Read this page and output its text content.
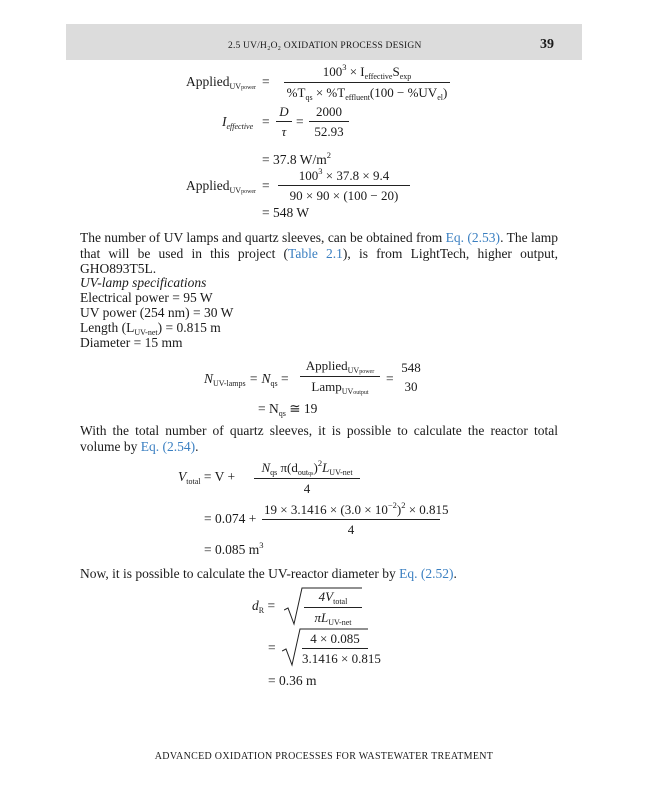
2.5 UV/H₂O₂ OXIDATION PROCESS DESIGN	39
Applied$_{UVpower}$ =
$100^3 \times I_{effective}S_{exp}$
$\%T_{qs} \times \%T_{effluent}(100 - \%UV_{el})$
$I_{effective} = \frac{D}{\tau} = \frac{2000}{52.93}$
= 37.8 $W/m^2$
Applied$_{UVpower}$ = $\frac{100^3 \times 37.8 \times 9.4}{90 \times 90 \times (100 - 20)}$
= 548 W
The number of UV lamps and quartz sleeves, can be obtained from Eq. (2.53). The lamp that will be used in this project (Table 2.1), is from LightTech, higher output, GHO893T5L.
UV-lamp specifications
Electrical power = 95 W
UV power (254 nm) = 30 W
Length $(L_{UV-net}) = 0.815$ m
Diameter = 15 mm
$N_{UV-lamps} = N_{qs}$ =
Applied$_{UVpower}$
Lamp$_{UVoutput}$
=
548
30
= $N_{qs}$ ≅ 19
With the total number of quartz sleeves, it is possible to calculate the reactor total volume by Eq. (2.54).
$V_{total} = V$ +
$N_{qs}$ $\pi(d_{outqs})^2L_{UV-net}$
4
= $0.074 + \frac{19 \times 3.1416 \times (3.0 \times 10^{-2})^2 \times 0.815}{4}$
= 0.085 $m^3$
Now, it is possible to calculate the UV-reactor diameter by Eq. (2.52).
$d_R$ =
$4V_{total}$
$\pi L_{UV-net}$
= $\frac{4 \times 0.085}{3.1416 \times 0.815}$
= 0.36 m
ADVANCED OXIDATION PROCESSES FOR WASTEWATER TREATMENT
